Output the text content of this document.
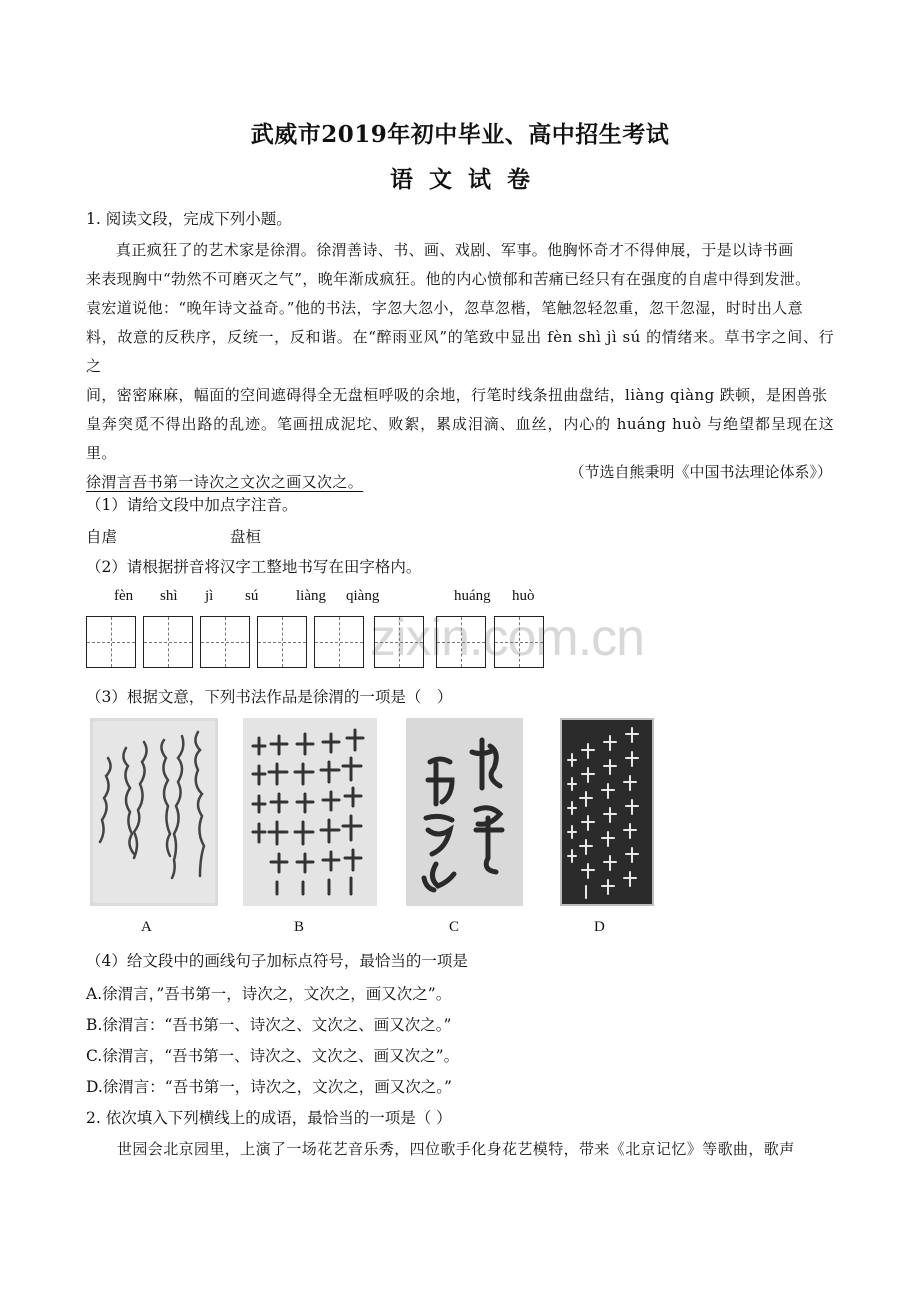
武威市2019年初中毕业、高中招生考试
语文试卷
1. 阅读文段，完成下列小题。

真正疯狂了的艺术家是徐渭。徐渭善诗、书、画、戏剧、军事。他胸怀奇才不得伸展，于是以诗书画

来表现胸中“勃然不可磨灭之气”，晚年渐成疯狂。他的内心愤郁和苦痛已经只有在强度的自虐中得到发泄。

袁宏道说他：“晚年诗文益奇。”他的书法，字忽大忽小，忽草忽楷，笔触忽轻忽重，忽干忽湿，时时出人意

料，故意的反秩序，反统一，反和谐。在“醉雨亚风”的笔致中显出 fèn shì jì sú 的情绪来。草书字之间、行之

间，密密麻麻，幅面的空间遮碍得全无盘桓呼吸的余地，行笔时线条扭曲盘结，liàng qiàng 跌顿，是困兽张

皇奔突觅不得出路的乱迹。笔画扭成泥坨、败絮，累成泪滴、血丝，内心的 huáng huò 与绝望都呈现在这里。

徐渭言吾书第一诗次之文次之画又次之。

（节选自熊秉明《中国书法理论体系》）
（1）请给文段中加点字注音。
自虐	盘桓
（2）请根据拼音将汉字工整地书写在田字格内。
fèn shì jì sú	liàng qiàng	huáng huò
zixin.com.cn
（3）根据文意，下列书法作品是徐渭的一项是（　）
A	B	C	D
（4）给文段中的画线句子加标点符号，最恰当的一项是
A.徐渭言，”吾书第一，诗次之，文次之，画又次之”。
B.徐渭言：“吾书第一、诗次之、文次之、画又次之。”
C.徐渭言，“吾书第一、诗次之、文次之、画又次之”。
D.徐渭言：“吾书第一，诗次之，文次之，画又次之。”
2. 依次填入下列横线上的成语，最恰当的一项是（ ）
世园会北京园里，上演了一场花艺音乐秀，四位歌手化身花艺模特，带来《北京记忆》等歌曲，歌声
